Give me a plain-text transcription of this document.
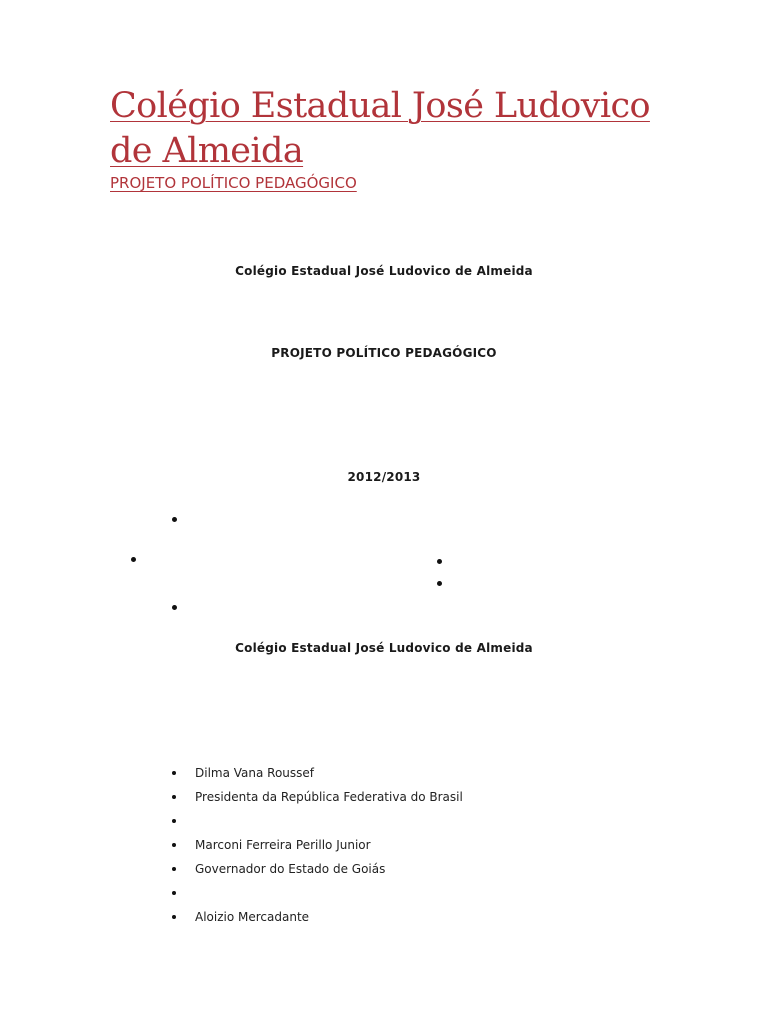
Colégio Estadual José Ludovico de Almeida
PROJETO POLÍTICO PEDAGÓGICO
Colégio Estadual José Ludovico de Almeida
PROJETO POLÍTICO PEDAGÓGICO
2012/2013
Colégio Estadual José Ludovico de Almeida
Dilma Vana Roussef
Presidenta da República Federativa do Brasil
Marconi Ferreira Perillo Junior
Governador do Estado de Goiás
Aloizio Mercadante
